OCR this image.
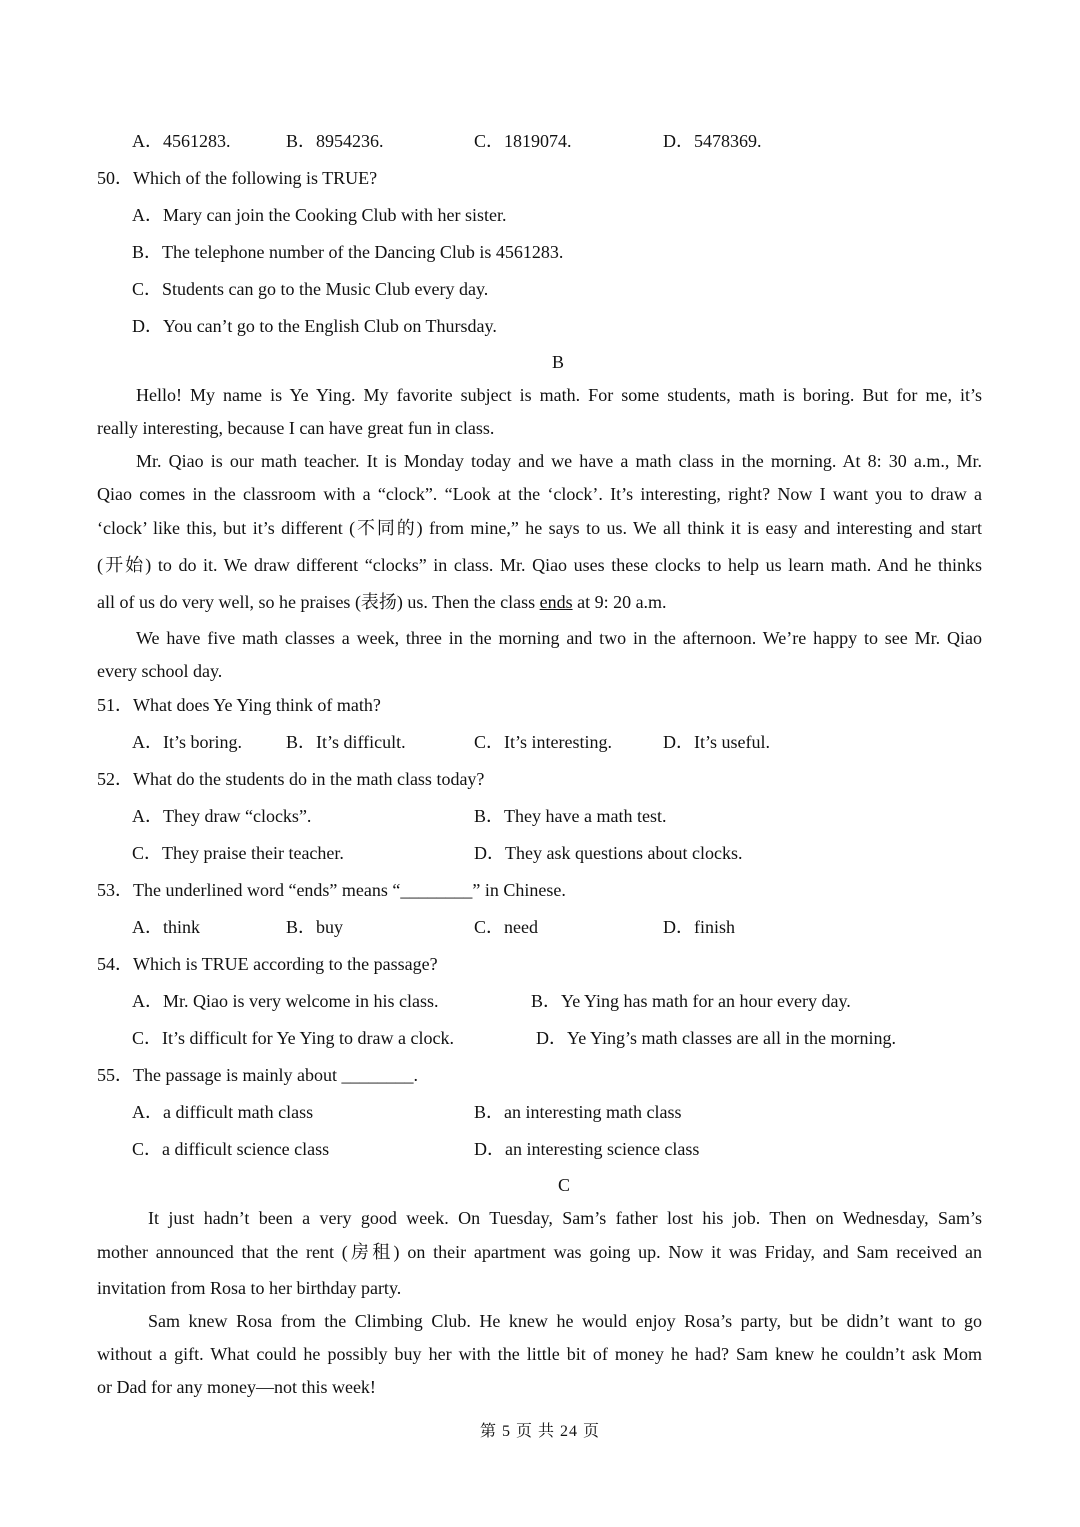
A．4561283.	B．8954236.	C．1819074.	D．5478369.
50．Which of the following is TRUE?
A．Mary can join the Cooking Club with her sister.
B．The telephone number of the Dancing Club is 4561283.
C．Students can go to the Music Club every day.
D．You can’t go to the English Club on Thursday.
B
Hello! My name is Ye Ying. My favorite subject is math. For some students, math is boring. But for me, it’s
really interesting, because I can have great fun in class.
Mr. Qiao is our math teacher. It is Monday today and we have a math class in the morning. At 8: 30 a.m., Mr.
Qiao comes in the classroom with a “clock”. “Look at the ‘clock’. It’s interesting, right? Now I want you to draw a
‘clock’ like this, but it’s different (不同的) from mine,” he says to us. We all think it is easy and interesting and start
(开始) to do it. We draw different “clocks” in class. Mr. Qiao uses these clocks to help us learn math. And he thinks
all of us do very well, so he praises (表扬) us. Then the class ends at 9: 20 a.m.
We have five math classes a week, three in the morning and two in the afternoon. We’re happy to see Mr. Qiao
every school day.
51．What does Ye Ying think of math?
A．It’s boring. B．It’s difficult.	C．It’s interesting.	D．It’s useful.
52．What do the students do in the math class today?
A．They draw “clocks”.	B．They have a math test.
C．They praise their teacher.	D．They ask questions about clocks.
53．The underlined word “ends” means “________” in Chinese.
A．think	B．buy	C．need	D．finish
54．Which is TRUE according to the passage?
A．Mr. Qiao is very welcome in his class.	B．Ye Ying has math for an hour every day.
C．It’s difficult for Ye Ying to draw a clock.	D．Ye Ying’s math classes are all in the morning.
55．The passage is mainly about ________.
A．a difficult math class	B．an interesting math class
C．a difficult science class	D．an interesting science class
C
It just hadn’t been a very good week. On Tuesday, Sam’s father lost his job. Then on Wednesday, Sam’s
mother announced that the rent (房租) on their apartment was going up. Now it was Friday, and Sam received an
invitation from Rosa to her birthday party.
Sam knew Rosa from the Climbing Club. He knew he would enjoy Rosa’s party, but be didn’t want to go
without a gift. What could he possibly buy her with the little bit of money he had? Sam knew he couldn’t ask Mom
or Dad for any money—not this week!
第 5 页 共 24 页
